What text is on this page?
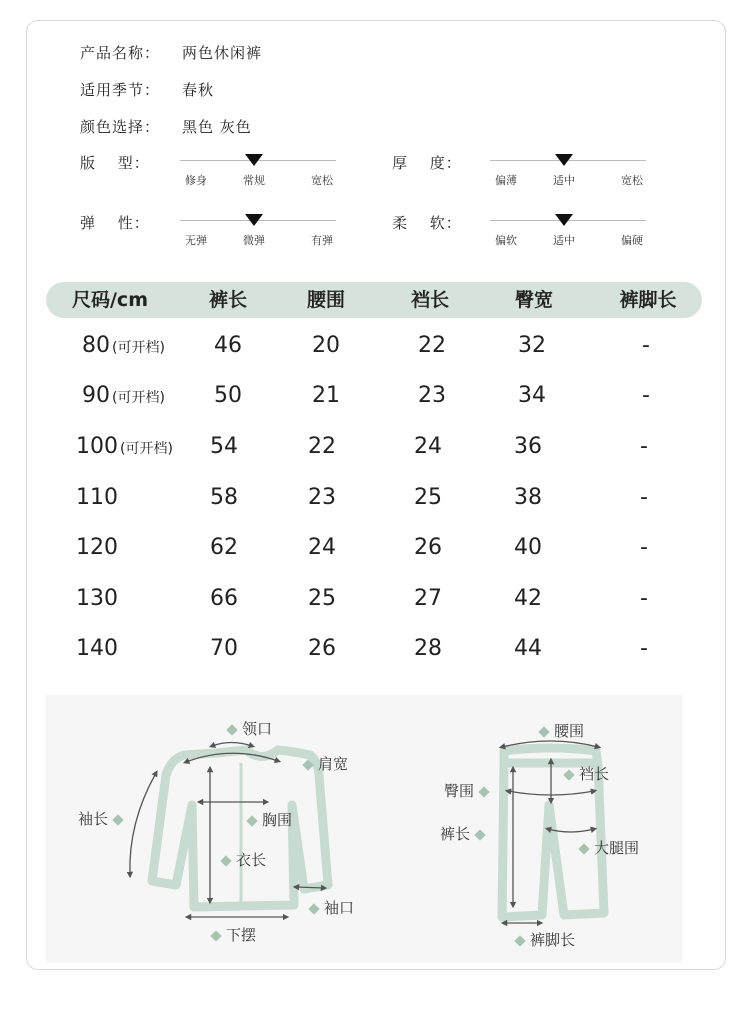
产品名称： 两色休闲裤
适用季节： 春秋
颜色选择： 黑色 灰色
版　 型：
修身	常规	宽松
厚　 度：
偏薄	适中	宽松
弹　 性：
无弹	微弹	有弹
柔　 软：
偏软	适中	偏硬
尺码/cm	裤长	腰围	裆长	臀宽	裤脚长
80 (可开档) 46	20	22	32	-
90 (可开档) 50	21	23	34	-
100 (可开档) 54	22	24	36	-
110	58	23	25	38	-
120	62	24	26	40	-
130	66	25	27	42	-
140	70	26	28	44	-
领口
肩宽
袖长	胸围
衣长
袖口
下摆
腰围
裆长
臀围
裤长
大腿围
裤脚长
